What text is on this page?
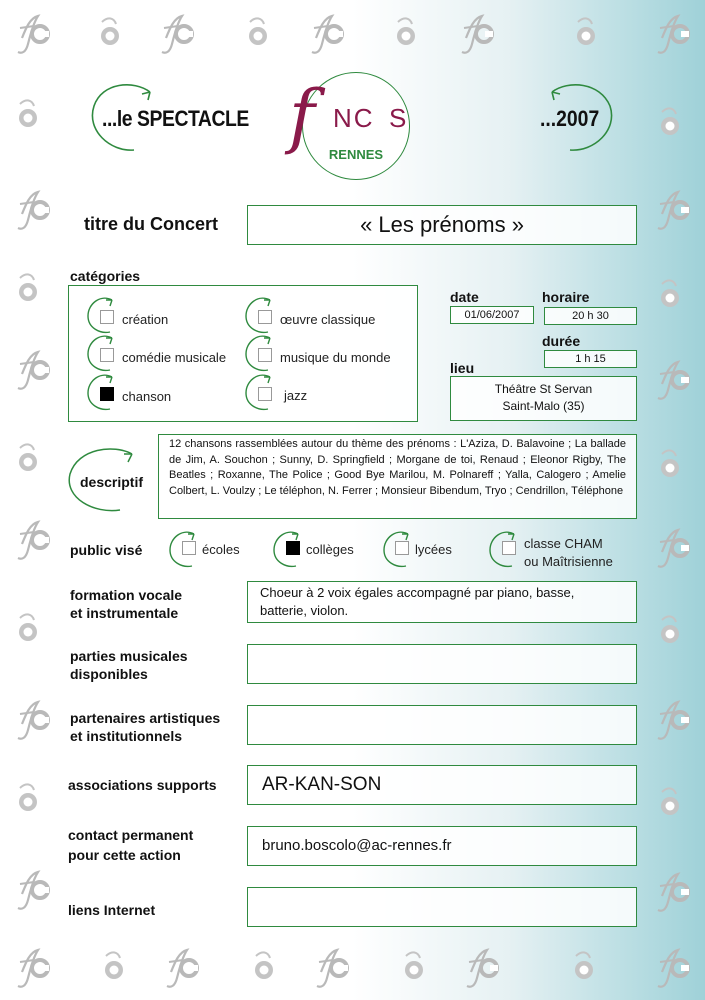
...le SPECTACLE f NC S
RENNES
...2007
titre du Concert	« Les prénoms »
catégories
création	œuvre classique
comédie musicale	musique du monde
chanson	jazz
date
01/06/2007
horaire
20 h 30
durée
1 h 15
lieu
Théâtre St Servan
Saint-Malo (35)
descriptif
12 chansons rassemblées autour du thème des prénoms : L'Aziza, D. Balavoine ; La ballade de Jim, A. Souchon ; Sunny, D. Springfield ; Morgane de toi, Renaud ; Eleonor Rigby, The Beatles ; Roxanne, The Police ; Good Bye Marilou, M. Polnareff ; Yalla, Calogero ; Amelie Colbert, L. Voulzy ; Le téléphon, N. Ferrer ; Monsieur Bibendum, Tryo ; Cendrillon, Téléphone
public visé	écoles	collèges	lycées	classe CHAM
ou Maîtrisienne
formation vocale
et instrumentale
Choeur à 2 voix égales accompagné par piano, basse, batterie, violon.
parties musicales
disponibles
partenaires artistiques
et institutionnels
associations supports	AR-KAN-SON
contact permanent
pour cette action
bruno.boscolo@ac-rennes.fr
liens Internet
